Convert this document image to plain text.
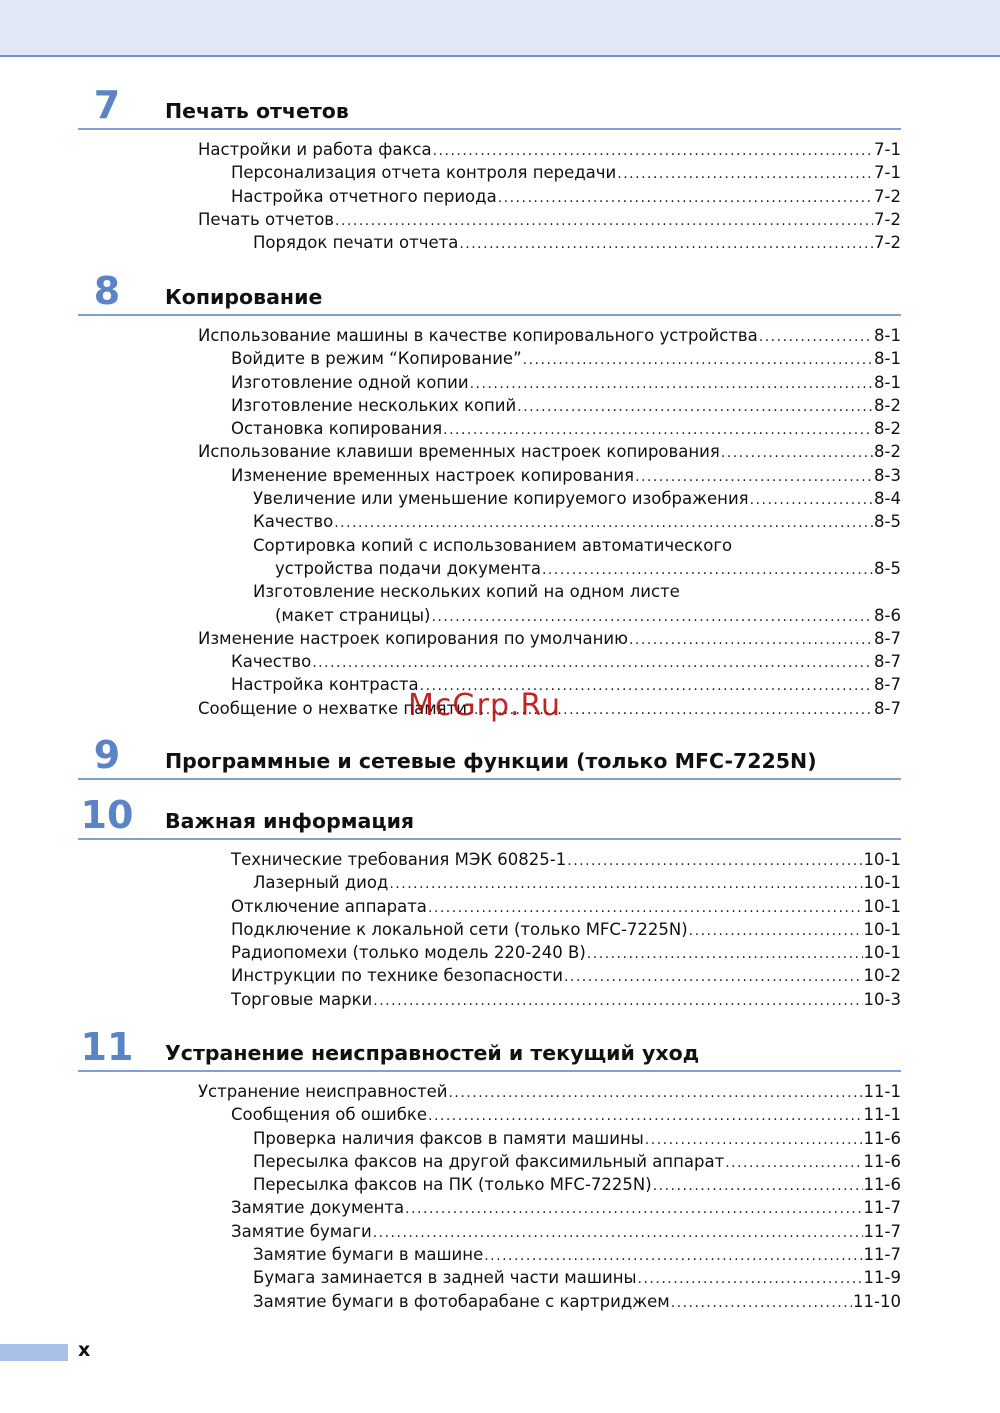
7	Печать отчетов
Настройки и работа факса .....	7-1
Персонализация отчета контроля передачи .....	7-1
Настройка отчетного периода .....	7-2
Печать отчетов .....	7-2
Порядок печати отчета .....	7-2
8	Копирование
Использование машины в качестве копировального устройства .....	8-1
Войдите в режим “Копирование” .....	8-1
Изготовление одной копии .....	8-1
Изготовление нескольких копий .....	8-2
Остановка копирования .....	8-2
Использование клавиши временных настроек копирования .....	8-2
Изменение временных настроек копирования .....	8-3
Увеличение или уменьшение копируемого изображения .....	8-4
Качество .....	8-5
Сортировка копий с использованием автоматического
устройства подачи документа .....	8-5
Изготовление нескольких копий на одном листе
(макет страницы) .....	8-6
Изменение настроек копирования по умолчанию .....	8-7
Качество .....	8-7
Настройка контраста .....	8-7
Сообщение о нехватке памяти .....	8-7
9	Программные и сетевые функции (только MFC-7225N)
10 Важная информация
Технические требования МЭК 60825-1 .....	10-1
Лазерный диод .....	10-1
Отключение аппарата .....	10-1
Подключение к локальной сети (только MFC-7225N) .....	10-1
Радиопомехи (только модель 220-240 В) .....	10-1
Инструкции по технике безопасности .....	10-2
Торговые марки .....	10-3
11 Устранение неисправностей и текущий уход
Устранение неисправностей .....	11-1
Сообщения об ошибке .....	11-1
Проверка наличия факсов в памяти машины .....	11-6
Пересылка факсов на другой факсимильный аппарат .....	11-6
Пересылка факсов на ПК (только MFC-7225N) .....	11-6
Замятие документа .....	11-7
Замятие бумаги .....	11-7
Замятие бумаги в машине .....	11-7
Бумага заминается в задней части машины .....	11-9
Замятие бумаги в фотобарабане с картриджем .....	11-10
McGrp.Ru
x
